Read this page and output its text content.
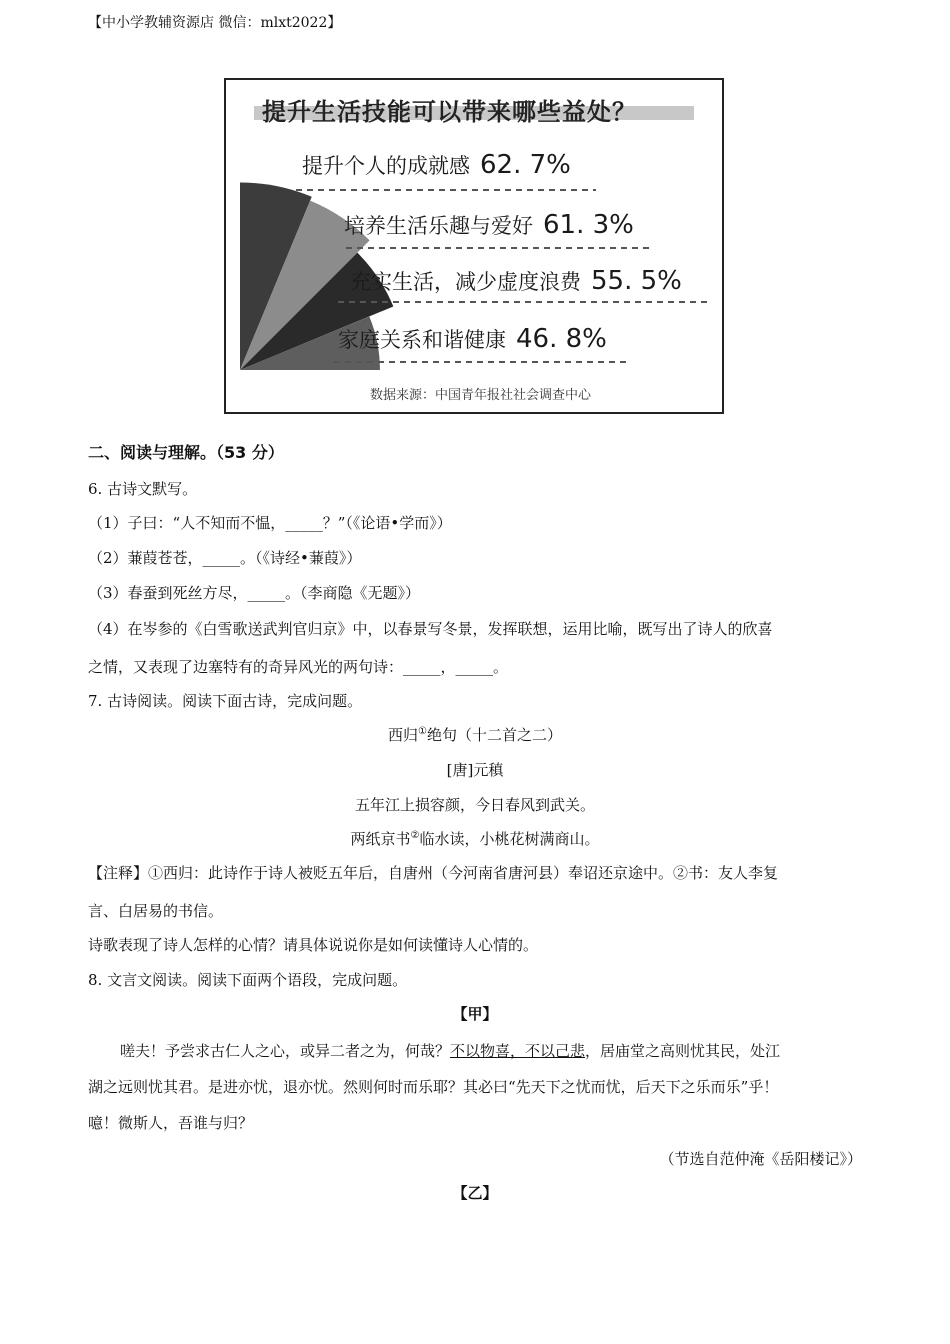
【中小学教辅资源店 微信：mlxt2022】
提升生活技能可以带来哪些益处？
提升个人的成就感 62. 7%
培养生活乐趣与爱好 61. 3%
充实生活，减少虚度浪费 55. 5%
家庭关系和谐健康 46. 8%
数据来源：中国青年报社社会调查中心
二、阅读与理解。（53 分）
6. 古诗文默写。
（1）子曰：“人不知而不愠，_____？”（《论语•学而》）
（2）蒹葭苍苍，_____。（《诗经•蒹葭》）
（3）春蚕到死丝方尽，_____。（李商隐《无题》）
（4）在岑参的《白雪歌送武判官归京》中，以春景写冬景，发挥联想，运用比喻，既写出了诗人的欣喜
之情，又表现了边塞特有的奇异风光的两句诗：_____，_____。
7. 古诗阅读。阅读下面古诗，完成问题。
西归①绝句（十二首之二）
[唐]元稹
五年江上损容颜，今日春风到武关。
两纸京书②临水读，小桃花树满商山。
【注释】①西归：此诗作于诗人被贬五年后，自唐州（今河南省唐河县）奉诏还京途中。②书：友人李复
言、白居易的书信。
诗歌表现了诗人怎样的心情？请具体说说你是如何读懂诗人心情的。
8. 文言文阅读。阅读下面两个语段，完成问题。
【甲】
嗟夫！予尝求古仁人之心，或异二者之为，何哉？不以物喜，不以己悲，居庙堂之高则忧其民，处江
湖之远则忧其君。是进亦忧，退亦忧。然则何时而乐耶？其必曰“先天下之忧而忧，后天下之乐而乐”乎！
噫！微斯人，吾谁与归？
（节选自范仲淹《岳阳楼记》）
【乙】
